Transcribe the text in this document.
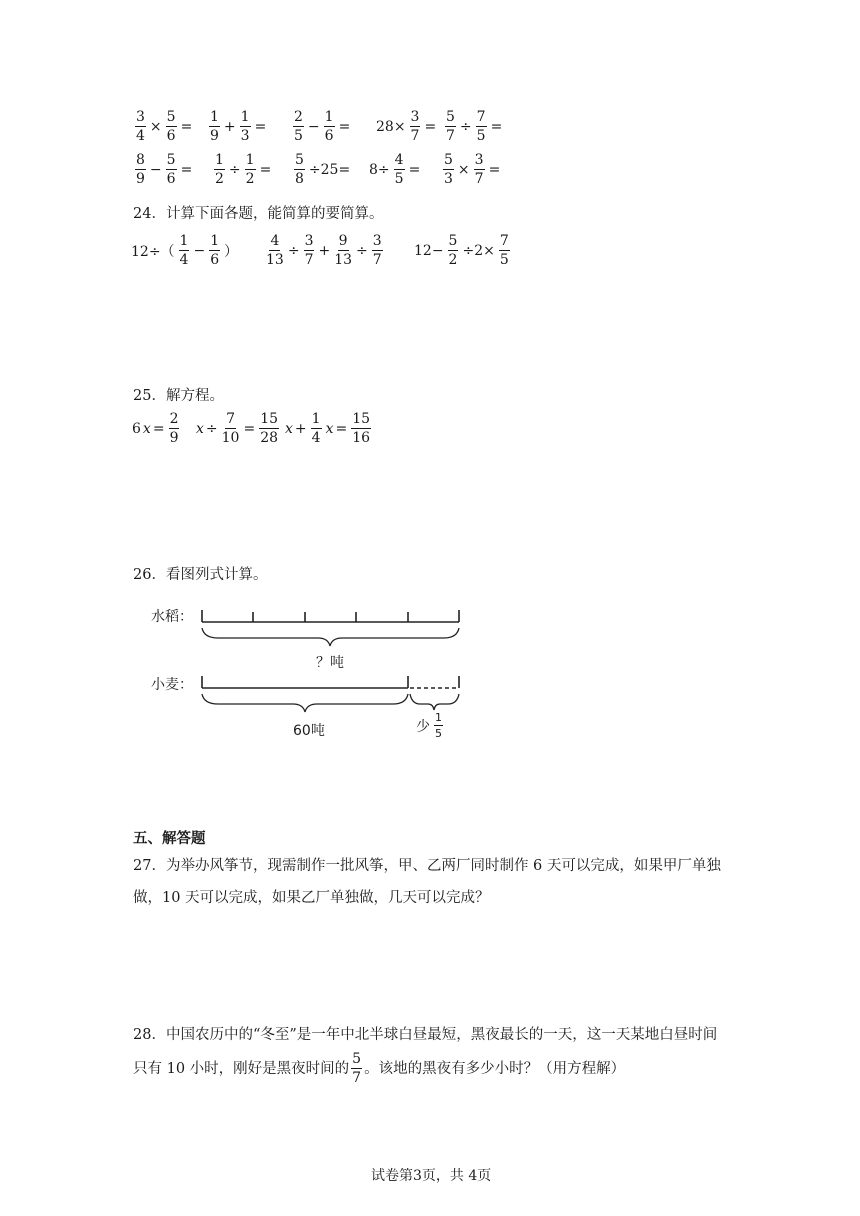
$\frac{3}{4} \times \frac{5}{6} = \frac{1}{9} + \frac{1}{3} = \frac{2}{5} - \frac{1}{6} = 28\times \frac{3}{7} = \frac{5}{7} \div \frac{7}{5}$ =
$\frac{8}{9} - \frac{5}{6} = \frac{1}{2} \div \frac{1}{2} = \frac{5}{8} \div 25= 8\div \frac{4}{5} = \frac{5}{3} \times \frac{3}{7}$ =
24．计算下面各题，能简算的要简算。
$12\div( \frac{1}{4} - \frac{1}{6}$ ） $\frac{4}{13} \div \frac{3}{7} + \frac{9}{13} \div \frac{3}{7} 12- \frac{5}{2} \div 2\times \frac{7}{5}$
25．解方程。
6 $x = \frac{2}{9}$ $x \div \frac{7}{10} = \frac{15}{28}$ $x + \frac{1}{4}$ $x = \frac{15}{16}$
26．看图列式计算。
水稻：
？吨
小麦：
60吨	少 $\frac{1}{5}$
五、解答题
27．为举办风筝节，现需制作一批风筝，甲、乙两厂同时制作 6 天可以完成，如果甲厂单独
做，10 天可以完成，如果乙厂单独做，几天可以完成？
28．中国农历中的“冬至”是一年中北半球白昼最短，黑夜最长的一天，这一天某地白昼时间
只有 10 小时，刚好是黑夜时间的 $\frac{5}{7}$ 。该地的黑夜有多少小时？（用方程解）
试卷第3页，共 4页
